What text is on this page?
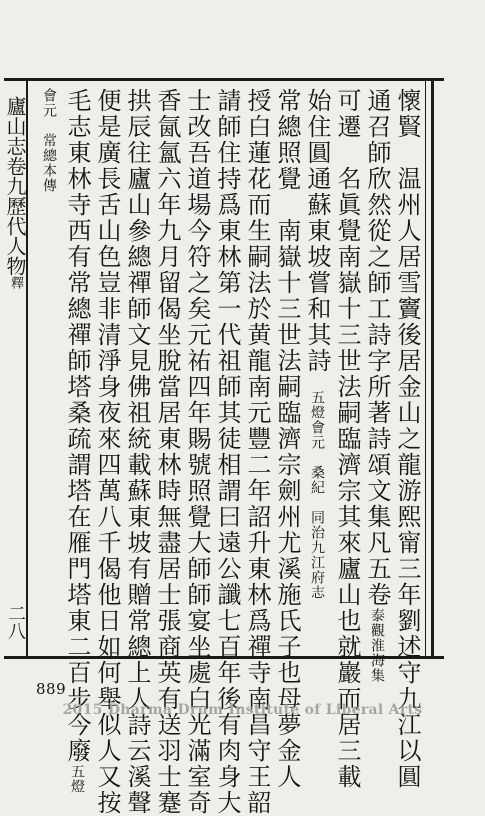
懷賢　温州人居雪竇後居金山之龍游熙甯三年劉述守九江以圓
通召師欣然從之師工詩字所著詩頌文集凡五卷泰觀淮海集
可遷　名眞覺南嶽十三世法嗣臨濟宗其來廬山也就巖而居三載
始住圓通蘇東坡嘗和其詩五燈會元　桑紀　同治九江府志
常總照覺　南嶽十三世法嗣臨濟宗劍州尤溪施氏子也母夢金人
授白蓮花而生嗣法於黄龍南元豐二年詔升東林爲禪寺南昌守王韶
請師住持爲東林第一代祖師其徒相謂曰遠公讖七百年後有肉身大
士改吾道場今符之矣元祐四年賜號照覺大師師宴坐處白光滿室奇
香氤氳六年九月留偈坐脫當居東林時無盡居士張商英有送羽士蹇
拱辰往廬山參總禪師文見佛祖統載蘇東坡有贈常總上人詩云溪聲
便是廣長舌山色豈非清淨身夜來四萬八千偈他日如何舉似人又按
毛志東林寺西有常總禪師塔桑疏謂塔在雁門塔東二百步今廢五燈
會元　常總本傳
廬山志卷九歷代人物釋
二八
889
2015 Dharma Drum Institute of Liberal Arts
